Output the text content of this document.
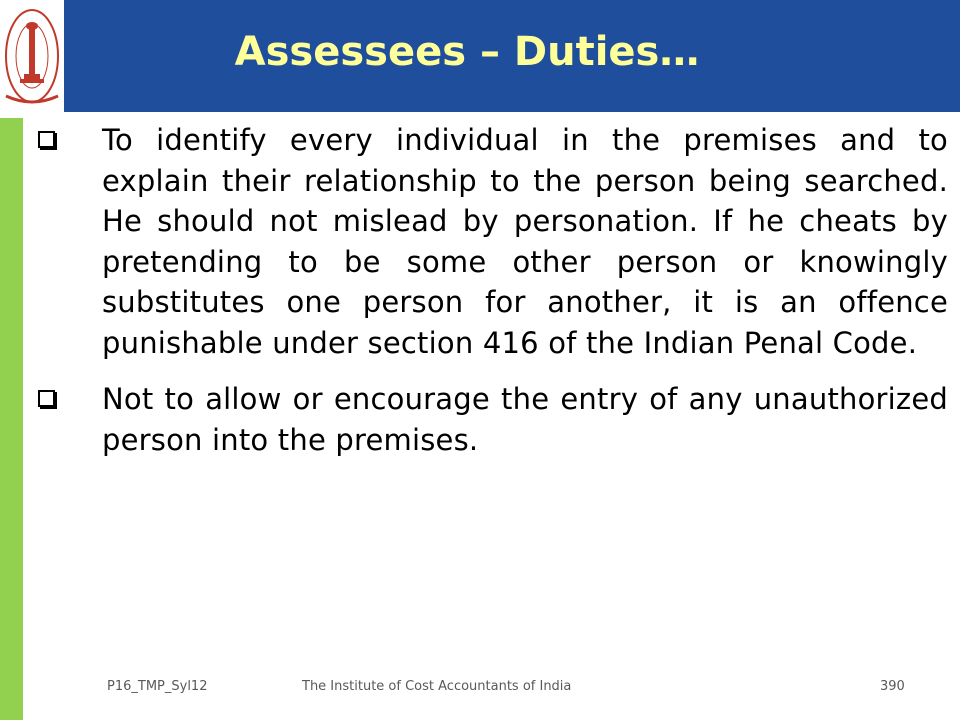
Assessees – Duties…
To identify every individual in the premises and to explain their relationship to the person being searched. He should not mislead by personation. If he cheats by pretending to be some other person or knowingly substitutes one person for another, it is an offence punishable under section 416 of the Indian Penal Code.
Not to allow or encourage the entry of any unauthorized person into the premises.
P16_TMP_Syl12	The Institute of Cost Accountants of India	390
